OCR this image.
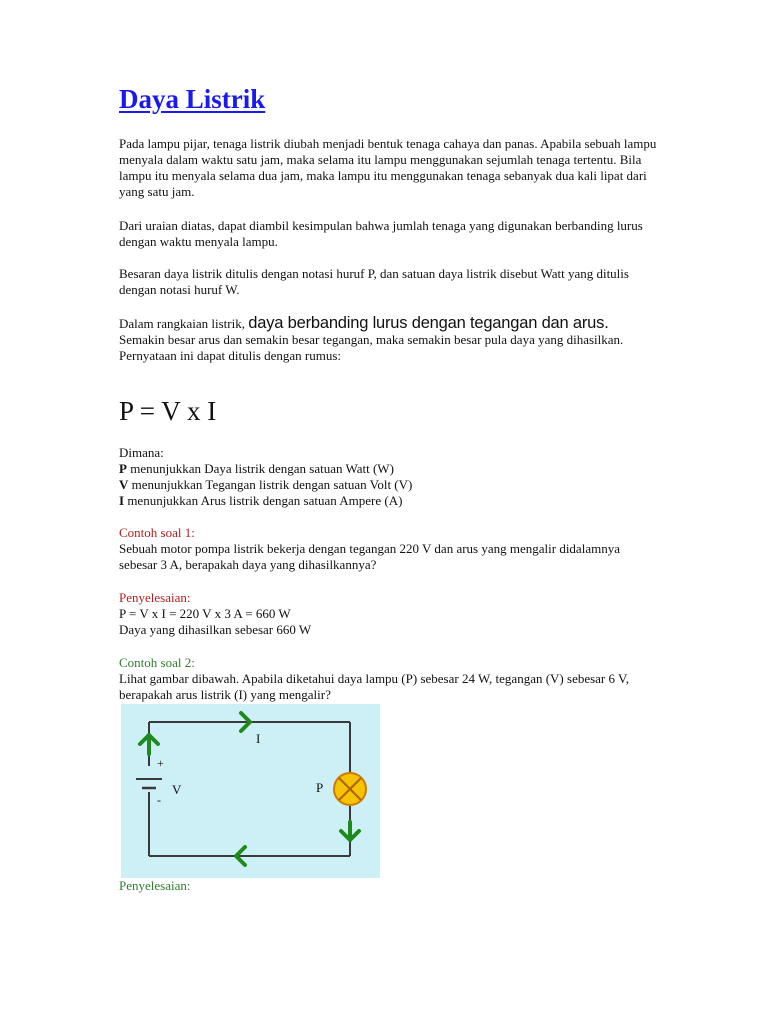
Daya Listrik

Pada lampu pijar, tenaga listrik diubah menjadi bentuk tenaga cahaya dan panas. Apabila sebuah lampu menyala dalam waktu satu jam, maka selama itu lampu menggunakan sejumlah tenaga tertentu. Bila lampu itu menyala selama dua jam, maka lampu itu menggunakan tenaga sebanyak dua kali lipat dari yang satu jam.

Dari uraian diatas, dapat diambil kesimpulan bahwa jumlah tenaga yang digunakan berbanding lurus dengan waktu menyala lampu.

Besaran daya listrik ditulis dengan notasi huruf P, dan satuan daya listrik disebut Watt yang ditulis dengan notasi huruf W.

Dalam rangkaian listrik, daya berbanding lurus dengan tegangan dan arus.
Semakin besar arus dan semakin besar tegangan, maka semakin besar pula daya yang dihasilkan. Pernyataan ini dapat ditulis dengan rumus:

P = V x I

Dimana:
P menunjukkan Daya listrik dengan satuan Watt (W)
V menunjukkan Tegangan listrik dengan satuan Volt (V)
I menunjukkan Arus listrik dengan satuan Ampere (A)

Contoh soal 1:

Sebuah motor pompa listrik bekerja dengan tegangan 220 V dan arus yang mengalir didalamnya sebesar 3 A, berapakah daya yang dihasilkannya?

Penyelesaian:

P = V x I = 220 V x 3 A = 660 W

Daya yang dihasilkan sebesar 660 W

Contoh soal 2:

Lihat gambar dibawah. Apabila diketahui daya lampu (P) sebesar 24 W, tegangan (V) sebesar 6 V, berapakah arus listrik (I) yang mengalir?

Penyelesaian:

I
+
V
-
P
